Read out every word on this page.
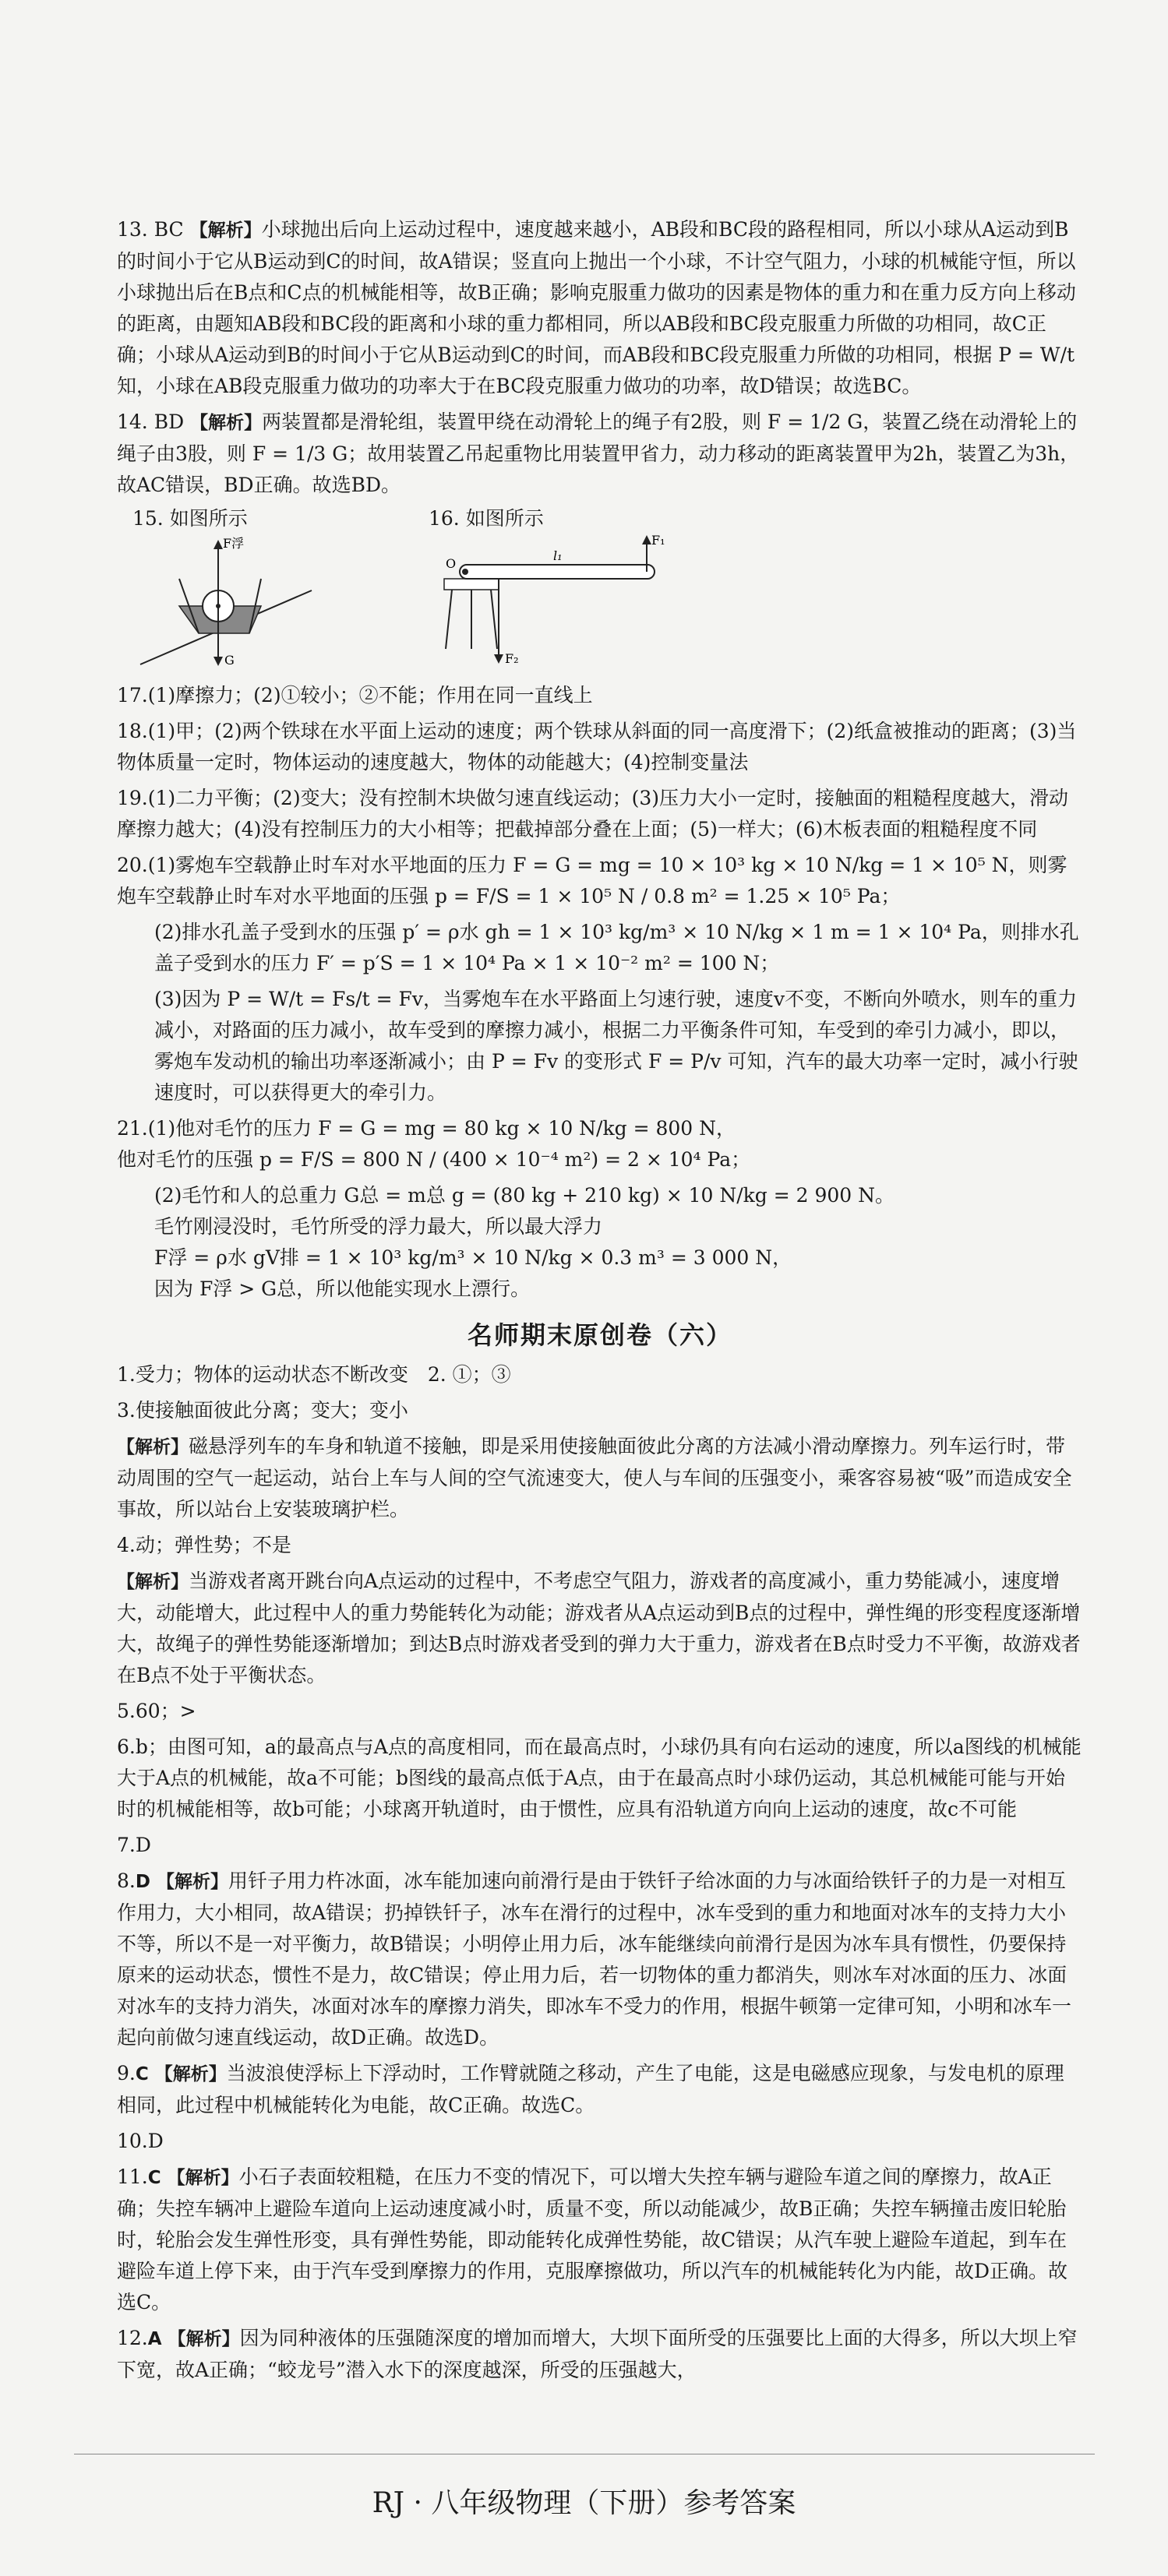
13. BC 【解析】小球抛出后向上运动过程中，速度越来越小，AB段和BC段的路程相同，所以小球从A运动到B的时间小于它从B运动到C的时间，故A错误；竖直向上抛出一个小球，不计空气阻力，小球的机械能守恒，所以小球抛出后在B点和C点的机械能相等，故B正确；影响克服重力做功的因素是物体的重力和在重力反方向上移动的距离，由题知AB段和BC段的距离和小球的重力都相同，所以AB段和BC段克服重力所做的功相同，故C正确；小球从A运动到B的时间小于它从B运动到C的时间，而AB段和BC段克服重力所做的功相同，根据 P = W/t 知，小球在AB段克服重力做功的功率大于在BC段克服重力做功的功率，故D错误；故选BC。
14. BD 【解析】两装置都是滑轮组，装置甲绕在动滑轮上的绳子有2股，则 F = 1/2 G，装置乙绕在动滑轮上的绳子由3股，则 F = 1/3 G；故用装置乙吊起重物比用装置甲省力，动力移动的距离装置甲为2h，装置乙为3h，故AC错误，BD正确。故选BD。
15. 如图所示
F浮
G
16. 如图所示
O
l₁
F₁
F₂
17.(1)摩擦力；(2)①较小；②不能；作用在同一直线上
18.(1)甲；(2)两个铁球在水平面上运动的速度；两个铁球从斜面的同一高度滑下；(2)纸盒被推动的距离；(3)当物体质量一定时，物体运动的速度越大，物体的动能越大；(4)控制变量法
19.(1)二力平衡；(2)变大；没有控制木块做匀速直线运动；(3)压力大小一定时，接触面的粗糙程度越大，滑动摩擦力越大；(4)没有控制压力的大小相等；把截掉部分叠在上面；(5)一样大；(6)木板表面的粗糙程度不同
20.(1)雾炮车空载静止时车对水平地面的压力 F = G = mg = 10 × 10³ kg × 10 N/kg = 1 × 10⁵ N，则雾炮车空载静止时车对水平地面的压强 p = F/S = 1 × 10⁵ N / 0.8 m² = 1.25 × 10⁵ Pa；
(2)排水孔盖子受到水的压强 p′ = ρ水 gh = 1 × 10³ kg/m³ × 10 N/kg × 1 m = 1 × 10⁴ Pa，则排水孔盖子受到水的压力 F′ = p′S = 1 × 10⁴ Pa × 1 × 10⁻² m² = 100 N；
(3)因为 P = W/t = Fs/t = Fv，当雾炮车在水平路面上匀速行驶，速度v不变，不断向外喷水，则车的重力减小，对路面的压力减小，故车受到的摩擦力减小，根据二力平衡条件可知，车受到的牵引力减小，即以，雾炮车发动机的输出功率逐渐减小；由 P = Fv 的变形式 F = P/v 可知，汽车的最大功率一定时，减小行驶速度时，可以获得更大的牵引力。
21.(1)他对毛竹的压力 F = G = mg = 80 kg × 10 N/kg = 800 N，
他对毛竹的压强 p = F/S = 800 N / (400 × 10⁻⁴ m²) = 2 × 10⁴ Pa；
(2)毛竹和人的总重力 G总 = m总 g = (80 kg + 210 kg) × 10 N/kg = 2 900 N。
毛竹刚浸没时，毛竹所受的浮力最大，所以最大浮力
F浮 = ρ水 gV排 = 1 × 10³ kg/m³ × 10 N/kg × 0.3 m³ = 3 000 N，
因为 F浮 > G总，所以他能实现水上漂行。
名师期末原创卷（六）
1.受力；物体的运动状态不断改变　2. ①；③
3.使接触面彼此分离；变大；变小
【解析】磁悬浮列车的车身和轨道不接触，即是采用使接触面彼此分离的方法减小滑动摩擦力。列车运行时，带动周围的空气一起运动，站台上车与人间的空气流速变大，使人与车间的压强变小，乘客容易被“吸”而造成安全事故，所以站台上安装玻璃护栏。
4.动；弹性势；不是
【解析】当游戏者离开跳台向A点运动的过程中，不考虑空气阻力，游戏者的高度减小，重力势能减小，速度增大，动能增大，此过程中人的重力势能转化为动能；游戏者从A点运动到B点的过程中，弹性绳的形变程度逐渐增大，故绳子的弹性势能逐渐增加；到达B点时游戏者受到的弹力大于重力，游戏者在B点时受力不平衡，故游戏者在B点不处于平衡状态。
5.60；>
6.b；由图可知，a的最高点与A点的高度相同，而在最高点时，小球仍具有向右运动的速度，所以a图线的机械能大于A点的机械能，故a不可能；b图线的最高点低于A点，由于在最高点时小球仍运动，其总机械能可能与开始时的机械能相等，故b可能；小球离开轨道时，由于惯性，应具有沿轨道方向向上运动的速度，故c不可能
7.D
8.D 【解析】用钎子用力杵冰面，冰车能加速向前滑行是由于铁钎子给冰面的力与冰面给铁钎子的力是一对相互作用力，大小相同，故A错误；扔掉铁钎子，冰车在滑行的过程中，冰车受到的重力和地面对冰车的支持力大小不等，所以不是一对平衡力，故B错误；小明停止用力后，冰车能继续向前滑行是因为冰车具有惯性，仍要保持原来的运动状态，惯性不是力，故C错误；停止用力后，若一切物体的重力都消失，则冰车对冰面的压力、冰面对冰车的支持力消失，冰面对冰车的摩擦力消失，即冰车不受力的作用，根据牛顿第一定律可知，小明和冰车一起向前做匀速直线运动，故D正确。故选D。
9.C 【解析】当波浪使浮标上下浮动时，工作臂就随之移动，产生了电能，这是电磁感应现象，与发电机的原理相同，此过程中机械能转化为电能，故C正确。故选C。
10.D
11.C 【解析】小石子表面较粗糙，在压力不变的情况下，可以增大失控车辆与避险车道之间的摩擦力，故A正确；失控车辆冲上避险车道向上运动速度减小时，质量不变，所以动能减少，故B正确；失控车辆撞击废旧轮胎时，轮胎会发生弹性形变，具有弹性势能，即动能转化成弹性势能，故C错误；从汽车驶上避险车道起，到车在避险车道上停下来，由于汽车受到摩擦力的作用，克服摩擦做功，所以汽车的机械能转化为内能，故D正确。故选C。
12.A 【解析】因为同种液体的压强随深度的增加而增大，大坝下面所受的压强要比上面的大得多，所以大坝上窄下宽，故A正确；“蛟龙号”潜入水下的深度越深，所受的压强越大，
RJ · 八年级物理（下册）参考答案
